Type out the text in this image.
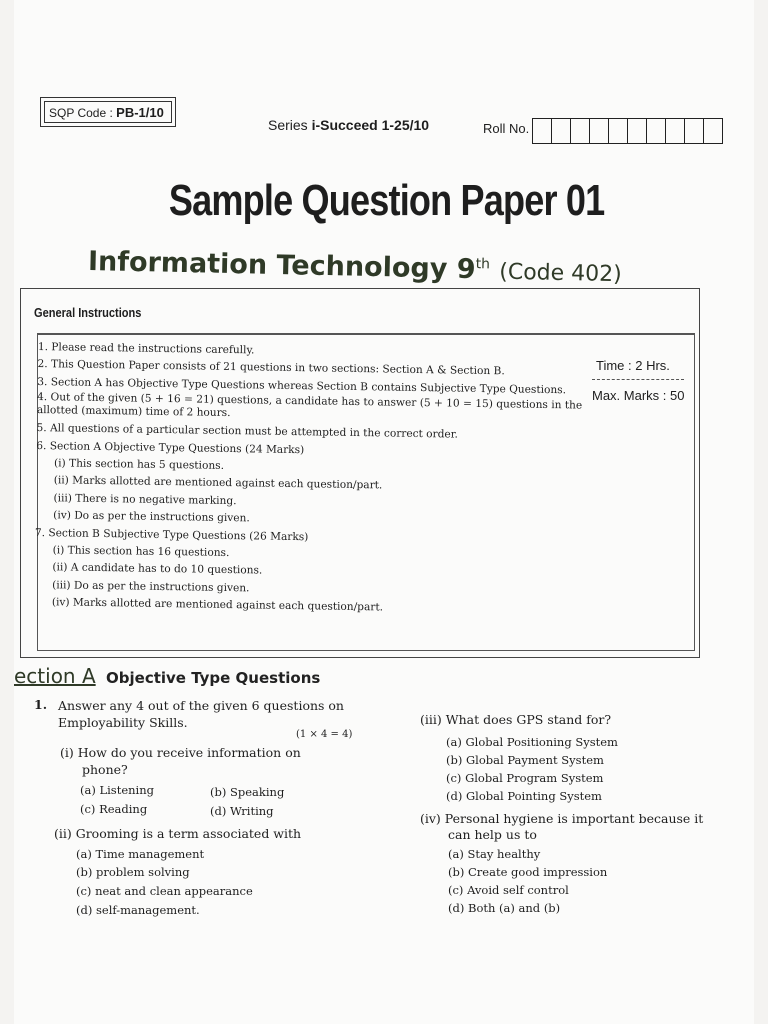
SQP Code : PB-1/10
Series i-Succeed 1-25/10	Roll No.
Sample Question Paper 01
Information Technology 9th (Code 402)
General Instructions
Time : 2 Hrs.
Max. Marks : 50
1. Please read the instructions carefully.
2. This Question Paper consists of 21 questions in two sections: Section A & Section B.
3. Section A has Objective Type Questions whereas Section B contains Subjective Type Questions.
4. Out of the given (5 + 16 = 21) questions, a candidate has to answer (5 + 10 = 15) questions in the allotted (maximum) time of 2 hours.
5. All questions of a particular section must be attempted in the correct order.
6. Section A Objective Type Questions (24 Marks)
(i) This section has 5 questions.
(ii) Marks allotted are mentioned against each question/part.
(iii) There is no negative marking.
(iv) Do as per the instructions given.
7. Section B Subjective Type Questions (26 Marks)
(i) This section has 16 questions.
(ii) A candidate has to do 10 questions.
(iii) Do as per the instructions given.
(iv) Marks allotted are mentioned against each question/part.
ection A Objective Type Questions
1. Answer any 4 out of the given 6 questions on
Employability Skills.
(1 × 4 = 4)
(i) How do you receive information on
phone?
(a) Listening	(b) Speaking
(c) Reading	(d) Writing
(ii) Grooming is a term associated with
(a) Time management
(b) problem solving
(c) neat and clean appearance
(d) self-management.
(iii) What does GPS stand for?
(a) Global Positioning System
(b) Global Payment System
(c) Global Program System
(d) Global Pointing System
(iv) Personal hygiene is important because it
can help us to
(a) Stay healthy
(b) Create good impression
(c) Avoid self control
(d) Both (a) and (b)
